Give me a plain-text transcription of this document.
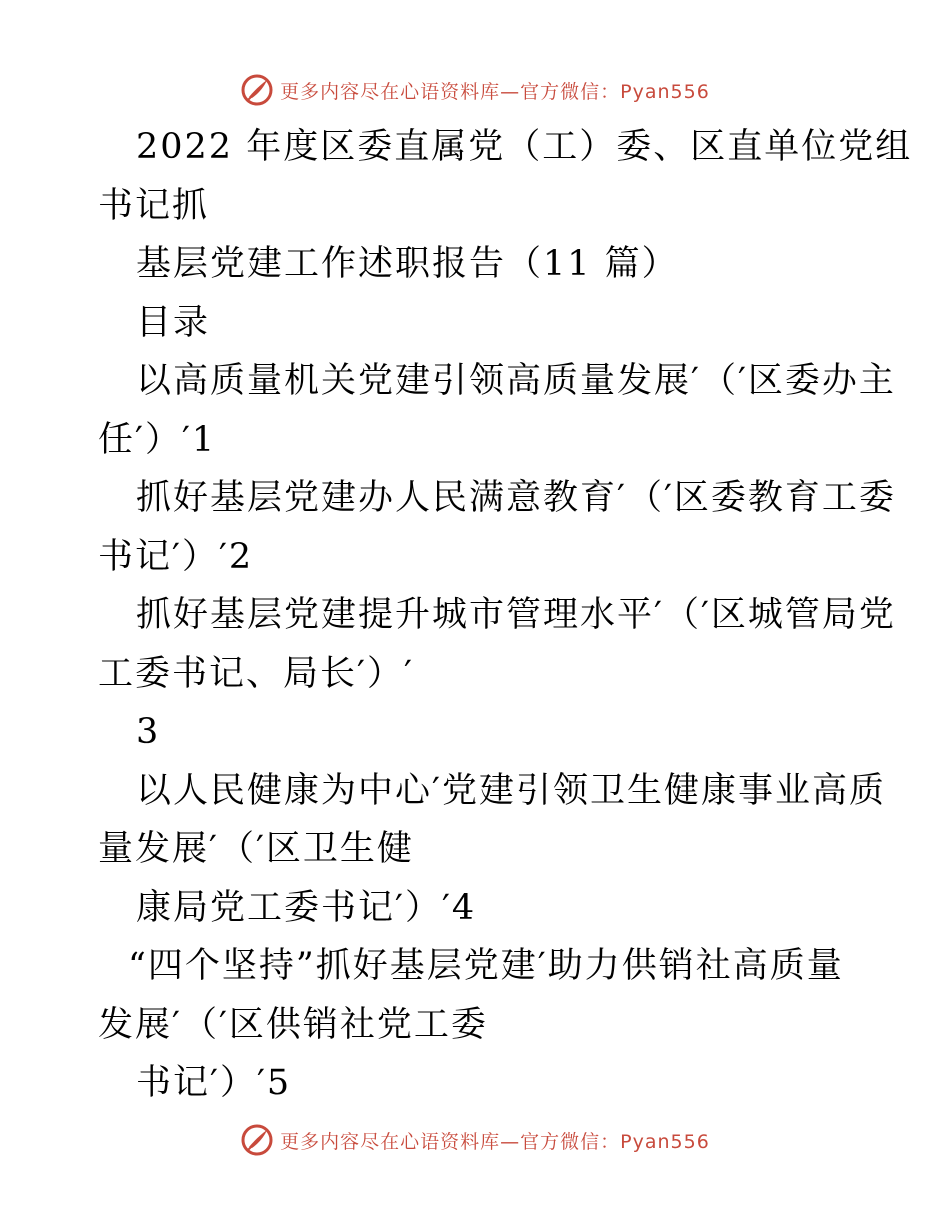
更多内容尽在心语资料库—官方微信：Pyan556
2022 年度区委直属党（工）委、区直单位党组
书记抓
基层党建工作述职报告（11 篇）
目录
以高质量机关党建引领高质量发展′（′区委办主
任′）′1
抓好基层党建办人民满意教育′（′区委教育工委
书记′）′2
抓好基层党建提升城市管理水平′（′区城管局党
工委书记、局长′）′
3
以人民健康为中心′党建引领卫生健康事业高质
量发展′（′区卫生健
康局党工委书记′）′4
“四个坚持”抓好基层党建′助力供销社高质量
发展′（′区供销社党工委
书记′）′5
更多内容尽在心语资料库—官方微信：Pyan556
